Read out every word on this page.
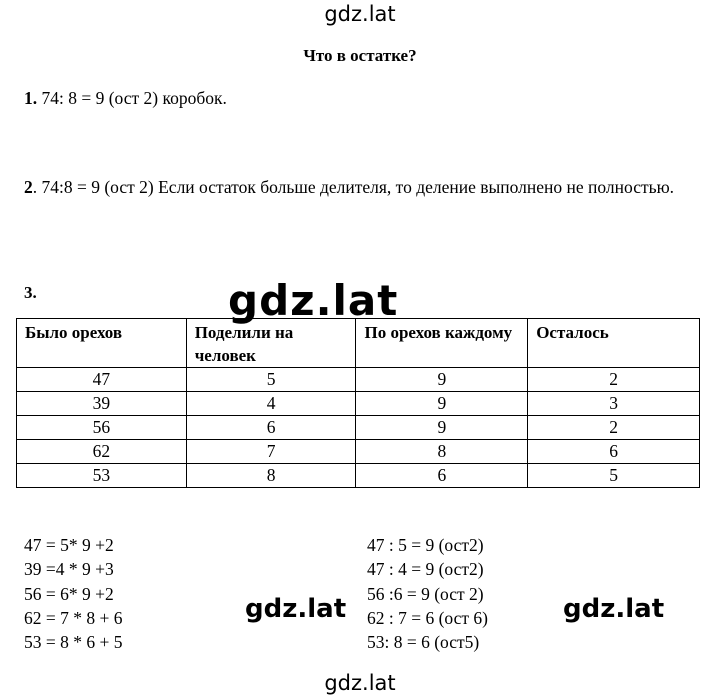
gdz.lat
Что в остатке?
1. 74: 8 = 9 (ост 2) коробок.
2. 74:8 = 9 (ост 2) Если остаток больше делителя, то деление выполнено не полностью.
3.	gdz.lat
Было орехов	Поделили на человек	По орехов каждому	Осталось
47	5	9	2
39	4	9	3
56	6	9	2
62	7	8	6
53	8	6	5
47 = 5* 9 +2
39 =4 * 9 +3
56 = 6* 9 +2
62 = 7 * 8 + 6
53 = 8 * 6 + 5
47 : 5 = 9 (ост2)
47 : 4 = 9 (ост2)
56 :6 = 9 (ост 2)
62 : 7 = 6 (ост 6)
53: 8 = 6 (ост5)
gdz.lat	gdz.lat
gdz.lat
